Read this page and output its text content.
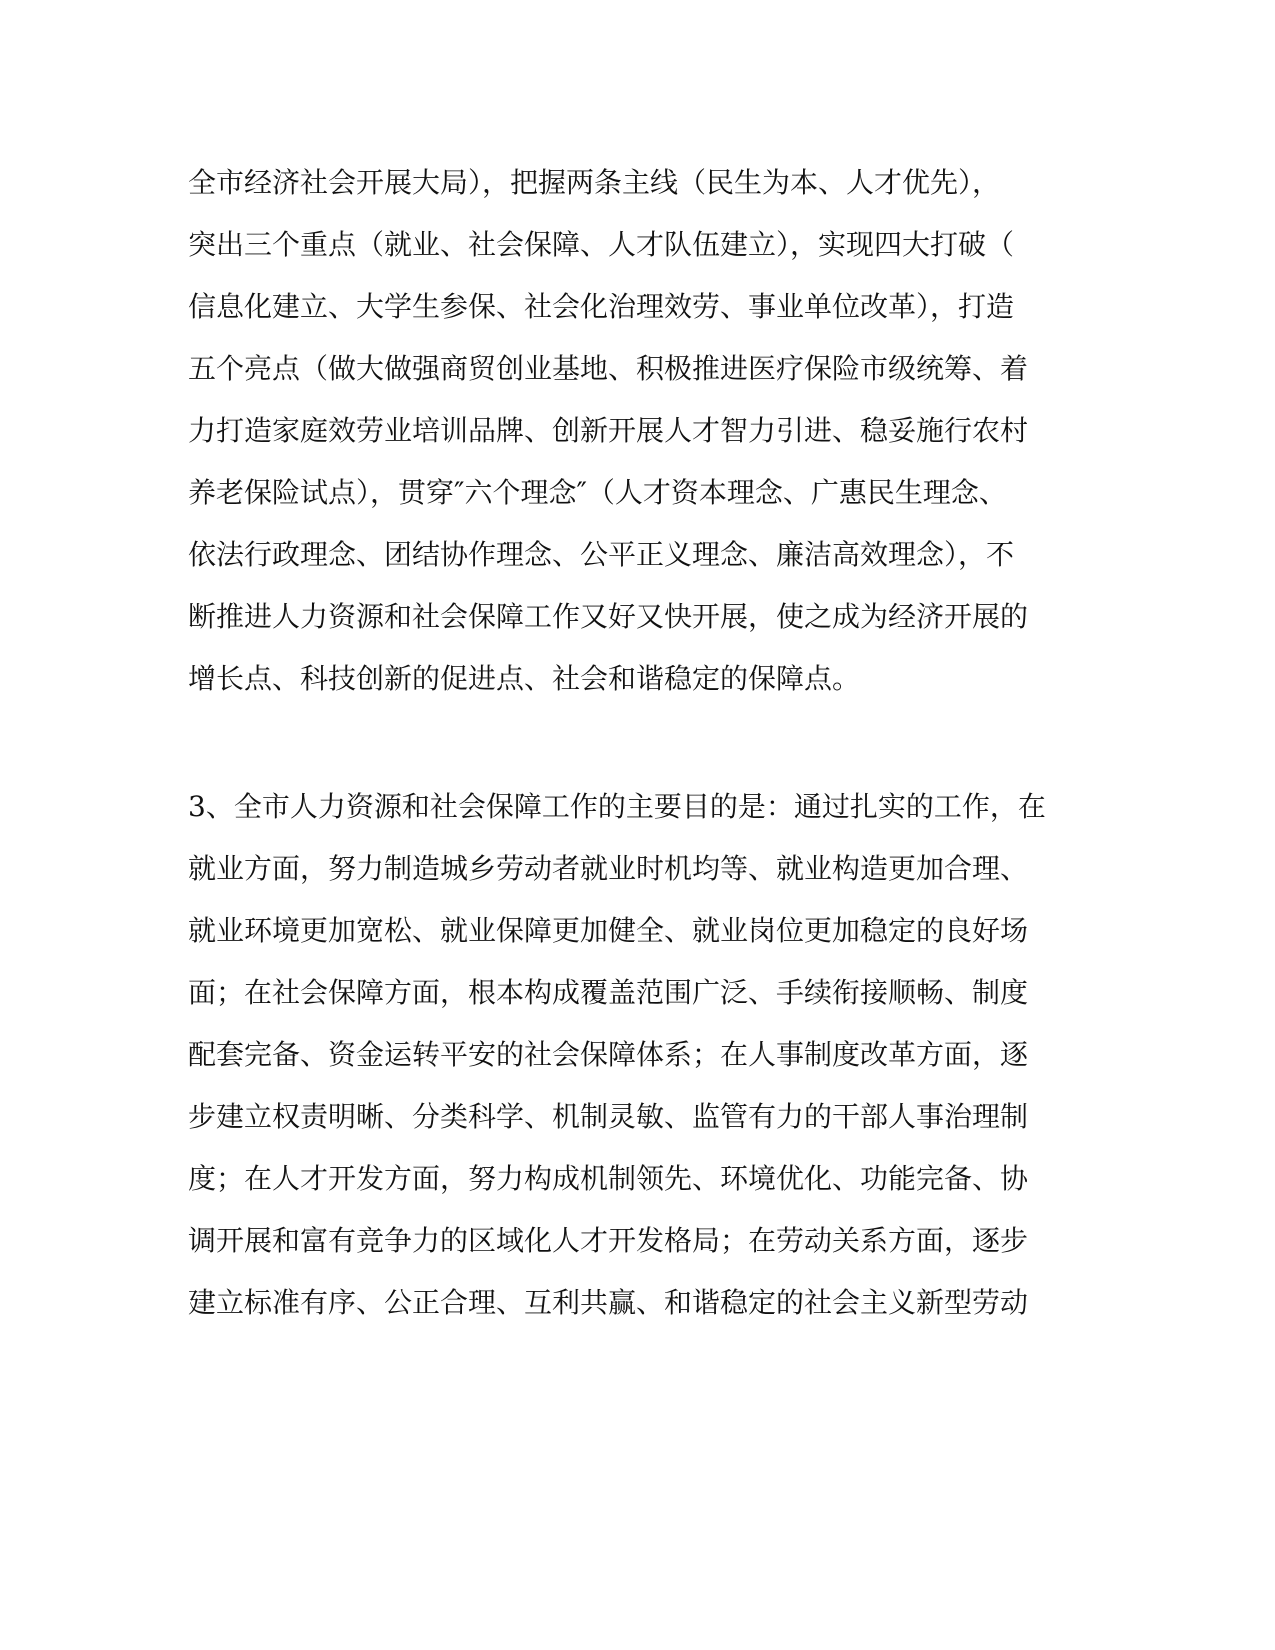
全市经济社会开展大局），把握两条主线（民生为本、人才优先），
突出三个重点（就业、社会保障、人才队伍建立），实现四大打破（
信息化建立、大学生参保、社会化治理效劳、事业单位改革），打造
五个亮点（做大做强商贸创业基地、积极推进医疗保险市级统筹、着
力打造家庭效劳业培训品牌、创新开展人才智力引进、稳妥施行农村
养老保险试点），贯穿″六个理念″（人才资本理念、广惠民生理念、
依法行政理念、团结协作理念、公平正义理念、廉洁高效理念），不
断推进人力资源和社会保障工作又好又快开展，使之成为经济开展的
增长点、科技创新的促进点、社会和谐稳定的保障点。
3、全市人力资源和社会保障工作的主要目的是：通过扎实的工作，在
就业方面，努力制造城乡劳动者就业时机均等、就业构造更加合理、
就业环境更加宽松、就业保障更加健全、就业岗位更加稳定的良好场
面；在社会保障方面，根本构成覆盖范围广泛、手续衔接顺畅、制度
配套完备、资金运转平安的社会保障体系；在人事制度改革方面，逐
步建立权责明晰、分类科学、机制灵敏、监管有力的干部人事治理制
度；在人才开发方面，努力构成机制领先、环境优化、功能完备、协
调开展和富有竞争力的区域化人才开发格局；在劳动关系方面，逐步
建立标准有序、公正合理、互利共赢、和谐稳定的社会主义新型劳动
